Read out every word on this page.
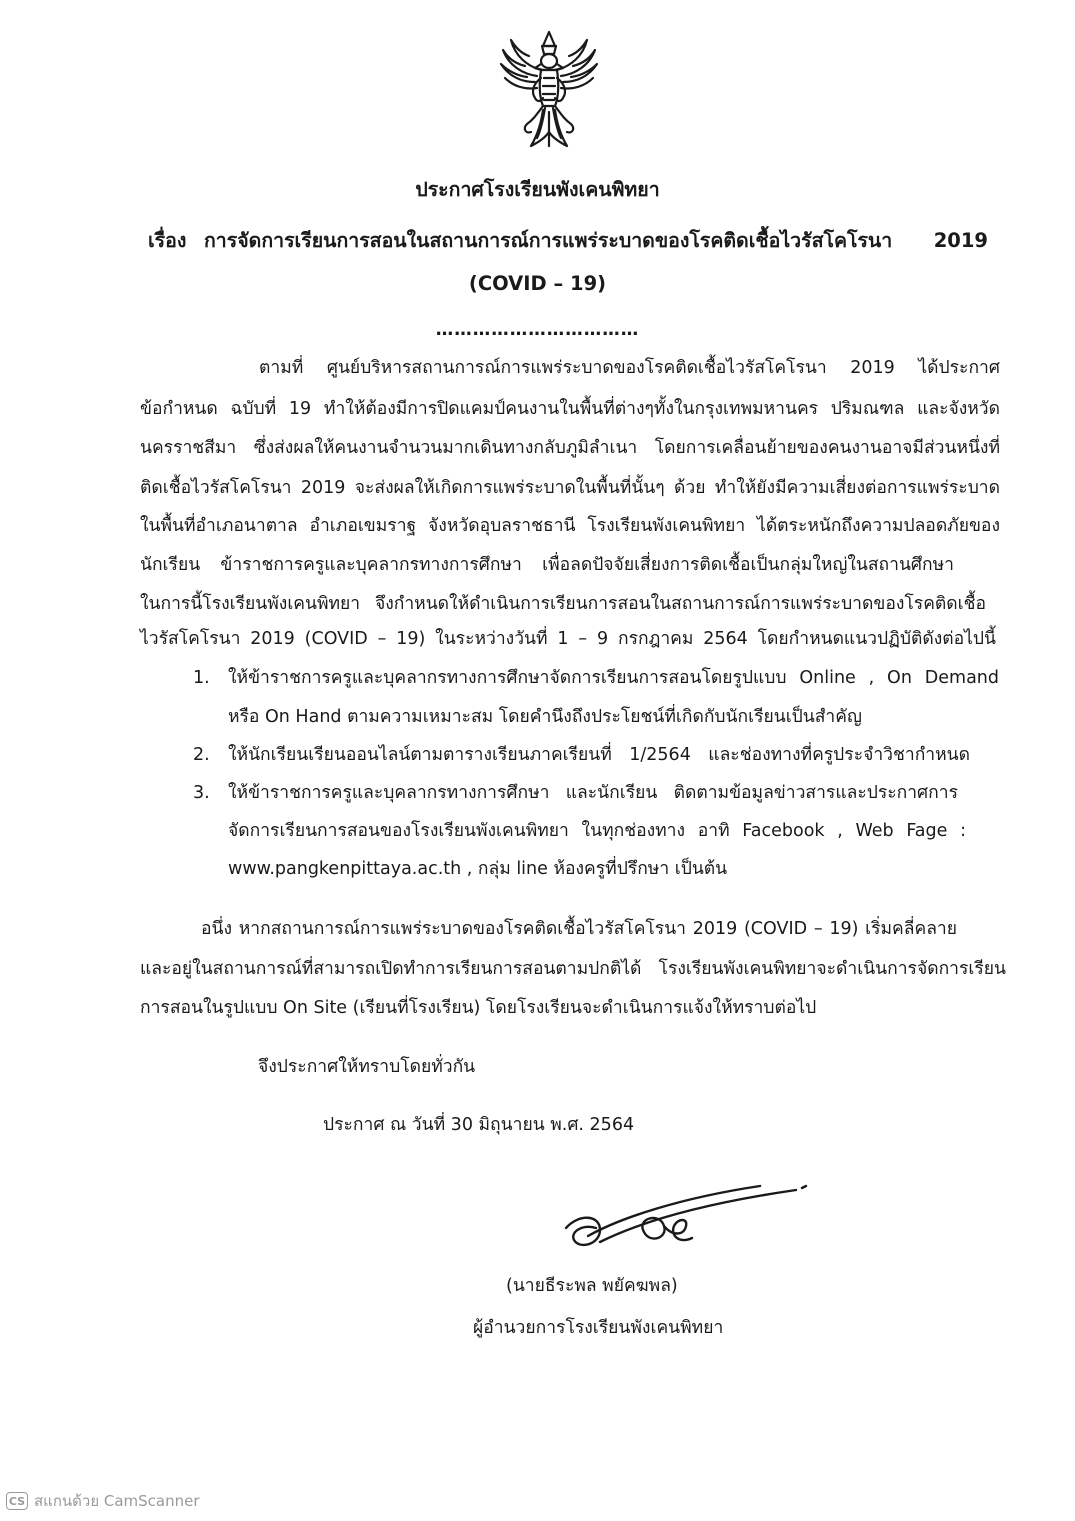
ประกาศโรงเรียนพังเคนพิทยา
เรื่อง การจัดการเรียนการสอนในสถานการณ์การแพร่ระบาดของโรคติดเชื้อไวรัสโคโรนา 2019
(COVID – 19)
……………………………
ตามที่ ศูนย์บริหารสถานการณ์การแพร่ระบาดของโรคติดเชื้อไวรัสโคโรนา 2019 ได้ประกาศ
ข้อกำหนด ฉบับที่ 19 ทำให้ต้องมีการปิดแคมป์คนงานในพื้นที่ต่างๆทั้งในกรุงเทพมหานคร ปริมณฑล และจังหวัด
นครราชสีมา ซึ่งส่งผลให้คนงานจำนวนมากเดินทางกลับภูมิลำเนา โดยการเคลื่อนย้ายของคนงานอาจมีส่วนหนึ่งที่
ติดเชื้อไวรัสโคโรนา 2019 จะส่งผลให้เกิดการแพร่ระบาดในพื้นที่นั้นๆ ด้วย ทำให้ยังมีความเสี่ยงต่อการแพร่ระบาด
ในพื้นที่อำเภอนาตาล อำเภอเขมราฐ จังหวัดอุบลราชธานี โรงเรียนพังเคนพิทยา ได้ตระหนักถึงความปลอดภัยของ
นักเรียน ข้าราชการครูและบุคลากรทางการศึกษา เพื่อลดปัจจัยเสี่ยงการติดเชื้อเป็นกลุ่มใหญ่ในสถานศึกษา
ในการนี้โรงเรียนพังเคนพิทยา จึงกำหนดให้ดำเนินการเรียนการสอนในสถานการณ์การแพร่ระบาดของโรคติดเชื้อ
ไวรัสโคโรนา 2019 (COVID – 19) ในระหว่างวันที่ 1 – 9 กรกฎาคม 2564 โดยกำหนดแนวปฏิบัติดังต่อไปนี้
1. ให้ข้าราชการครูและบุคลากรทางการศึกษาจัดการเรียนการสอนโดยรูปแบบ Online , On Demand
หรือ On Hand ตามความเหมาะสม โดยคำนึงถึงประโยชน์ที่เกิดกับนักเรียนเป็นสำคัญ
2. ให้นักเรียนเรียนออนไลน์ตามตารางเรียนภาคเรียนที่ 1/2564 และช่องทางที่ครูประจำวิชากำหนด
3. ให้ข้าราชการครูและบุคลากรทางการศึกษา และนักเรียน ติดตามข้อมูลข่าวสารและประกาศการ
จัดการเรียนการสอนของโรงเรียนพังเคนพิทยา ในทุกช่องทาง อาทิ Facebook , Web Fage :
www.pangkenpittaya.ac.th , กลุ่ม line ห้องครูที่ปรึกษา เป็นต้น
อนึ่ง หากสถานการณ์การแพร่ระบาดของโรคติดเชื้อไวรัสโคโรนา 2019 (COVID – 19) เริ่มคลี่คลาย
และอยู่ในสถานการณ์ที่สามารถเปิดทำการเรียนการสอนตามปกติได้ โรงเรียนพังเคนพิทยาจะดำเนินการจัดการเรียน
การสอนในรูปแบบ On Site (เรียนที่โรงเรียน) โดยโรงเรียนจะดำเนินการแจ้งให้ทราบต่อไป
จึงประกาศให้ทราบโดยทั่วกัน
ประกาศ ณ วันที่ 30 มิถุนายน พ.ศ. 2564
(นายธีระพล พยัคฆพล)
ผู้อำนวยการโรงเรียนพังเคนพิทยา
CS สแกนด้วย CamScanner
